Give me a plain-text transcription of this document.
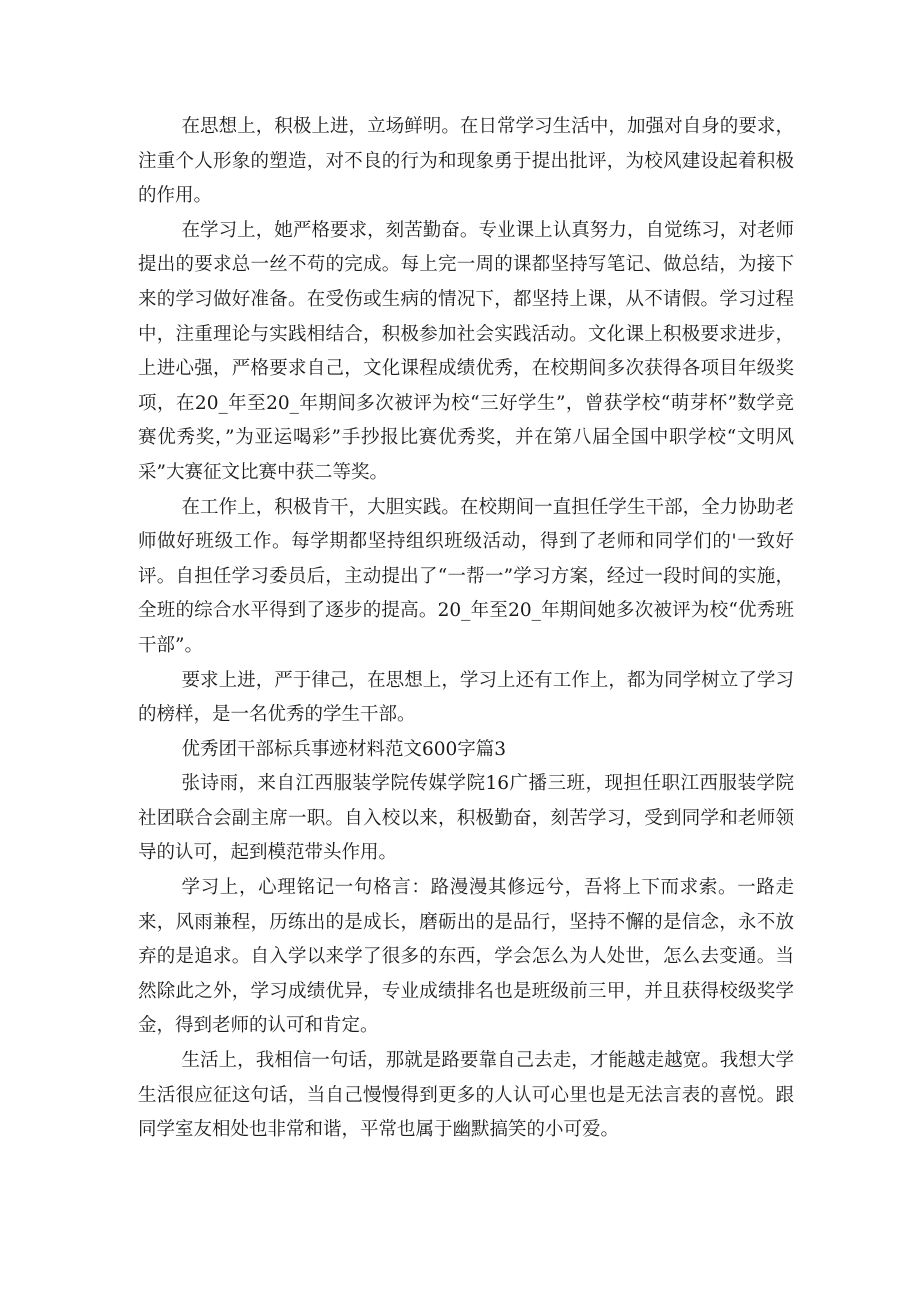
在思想上，积极上进，立场鲜明。在日常学习生活中，加强对自身的要求，注重个人形象的塑造，对不良的行为和现象勇于提出批评，为校风建设起着积极的作用。

在学习上，她严格要求，刻苦勤奋。专业课上认真努力，自觉练习，对老师提出的要求总一丝不苟的完成。每上完一周的课都坚持写笔记、做总结，为接下来的学习做好准备。在受伤或生病的情况下，都坚持上课，从不请假。学习过程中，注重理论与实践相结合，积极参加社会实践活动。文化课上积极要求进步，上进心强，严格要求自己，文化课程成绩优秀，在校期间多次获得各项目年级奖项，在20_年至20_年期间多次被评为校“三好学生”，曾获学校“萌芽杯”数学竞赛优秀奖，”为亚运喝彩”手抄报比赛优秀奖，并在第八届全国中职学校“文明风采”大赛征文比赛中获二等奖。

在工作上，积极肯干，大胆实践。在校期间一直担任学生干部，全力协助老师做好班级工作。每学期都坚持组织班级活动，得到了老师和同学们的'一致好评。自担任学习委员后，主动提出了“一帮一”学习方案，经过一段时间的实施，全班的综合水平得到了逐步的提高。20_年至20_年期间她多次被评为校“优秀班干部”。

要求上进，严于律己，在思想上，学习上还有工作上，都为同学树立了学习的榜样，是一名优秀的学生干部。

优秀团干部标兵事迹材料范文600字篇3

张诗雨，来自江西服装学院传媒学院16广播三班，现担任职江西服装学院社团联合会副主席一职。自入校以来，积极勤奋，刻苦学习，受到同学和老师领导的认可，起到模范带头作用。

学习上，心理铭记一句格言：路漫漫其修远兮，吾将上下而求索。一路走来，风雨兼程，历练出的是成长，磨砺出的是品行，坚持不懈的是信念，永不放弃的是追求。自入学以来学了很多的东西，学会怎么为人处世，怎么去变通。当然除此之外，学习成绩优异，专业成绩排名也是班级前三甲，并且获得校级奖学金，得到老师的认可和肯定。

生活上，我相信一句话，那就是路要靠自己去走，才能越走越宽。我想大学生活很应征这句话，当自己慢慢得到更多的人认可心里也是无法言表的喜悦。跟同学室友相处也非常和谐，平常也属于幽默搞笑的小可爱。
